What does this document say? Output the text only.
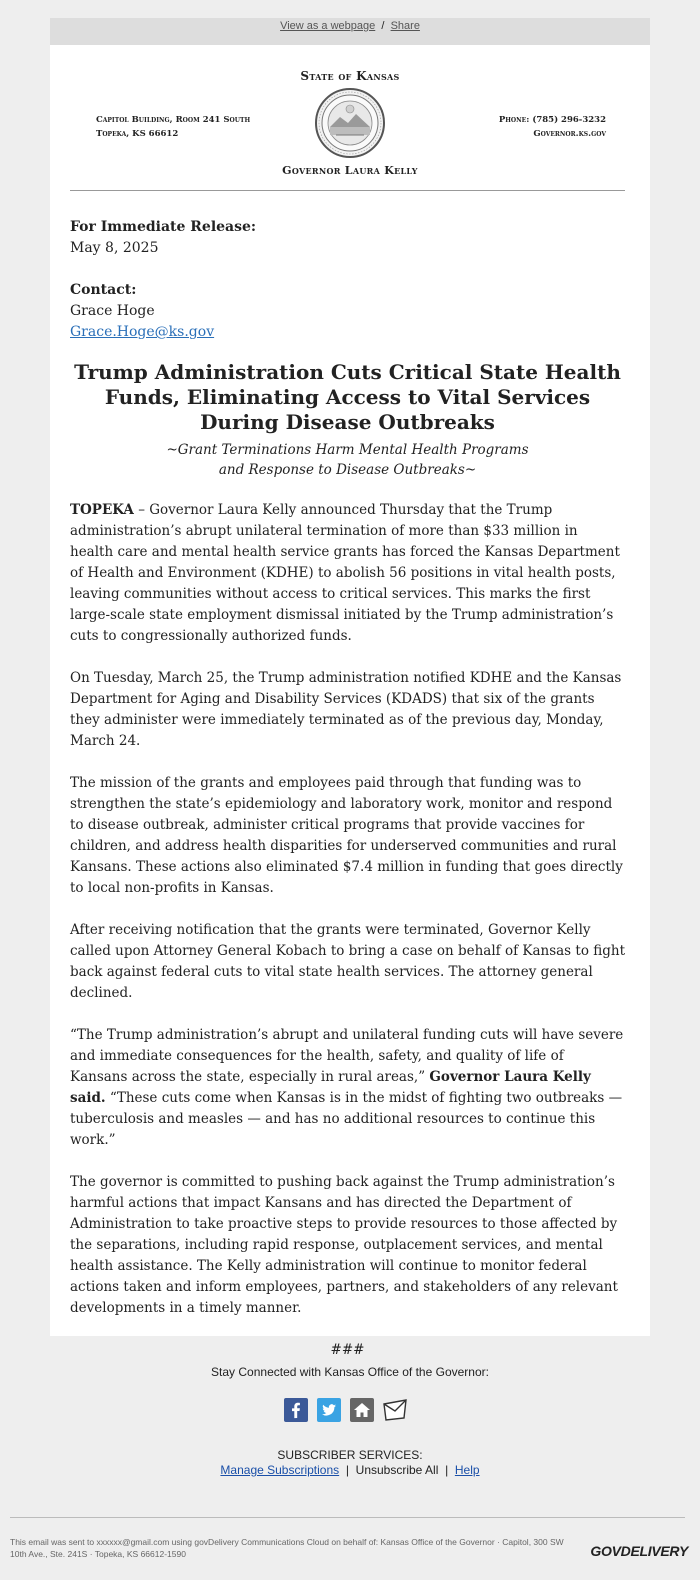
View as a webpage / Share
State of Kansas
Capitol Building, Room 241 South
Topeka, KS 66612
Phone: (785) 296-3232
Governor.ks.gov
Governor Laura Kelly
For Immediate Release:
May 8, 2025
Contact:
Grace Hoge
Grace.Hoge@ks.gov
Trump Administration Cuts Critical State Health Funds, Eliminating Access to Vital Services During Disease Outbreaks
~Grant Terminations Harm Mental Health Programs
and Response to Disease Outbreaks~

TOPEKA – Governor Laura Kelly announced Thursday that the Trump administration’s abrupt unilateral termination of more than $33 million in health care and mental health service grants has forced the Kansas Department of Health and Environment (KDHE) to abolish 56 positions in vital health posts, leaving communities without access to critical services. This marks the first large-scale state employment dismissal initiated by the Trump administration’s cuts to congressionally authorized funds.

On Tuesday, March 25, the Trump administration notified KDHE and the Kansas Department for Aging and Disability Services (KDADS) that six of the grants they administer were immediately terminated as of the previous day, Monday, March 24.

The mission of the grants and employees paid through that funding was to strengthen the state’s epidemiology and laboratory work, monitor and respond to disease outbreak, administer critical programs that provide vaccines for children, and address health disparities for underserved communities and rural Kansans. These actions also eliminated $7.4 million in funding that goes directly to local non-profits in Kansas.

After receiving notification that the grants were terminated, Governor Kelly called upon Attorney General Kobach to bring a case on behalf of Kansas to fight back against federal cuts to vital state health services. The attorney general declined.

“The Trump administration’s abrupt and unilateral funding cuts will have severe and immediate consequences for the health, safety, and quality of life of Kansans across the state, especially in rural areas,” Governor Laura Kelly said. “These cuts come when Kansas is in the midst of fighting two outbreaks — tuberculosis and measles — and has no additional resources to continue this work.”

The governor is committed to pushing back against the Trump administration’s harmful actions that impact Kansans and has directed the Department of Administration to take proactive steps to provide resources to those affected by the separations, including rapid response, outplacement services, and mental health assistance. The Kelly administration will continue to monitor federal actions taken and inform employees, partners, and stakeholders of any relevant developments in a timely manner.

###

Stay Connected with Kansas Office of the Governor:
SUBSCRIBER SERVICES:
Manage Subscriptions | Unsubscribe All | Help
This email was sent to xxxxxx@gmail.com using govDelivery Communications Cloud on behalf of: Kansas Office of the Governor · Capitol, 300 SW 10th Ave., Ste. 241S · Topeka, KS 66612-1590	GOVDELIVERY
